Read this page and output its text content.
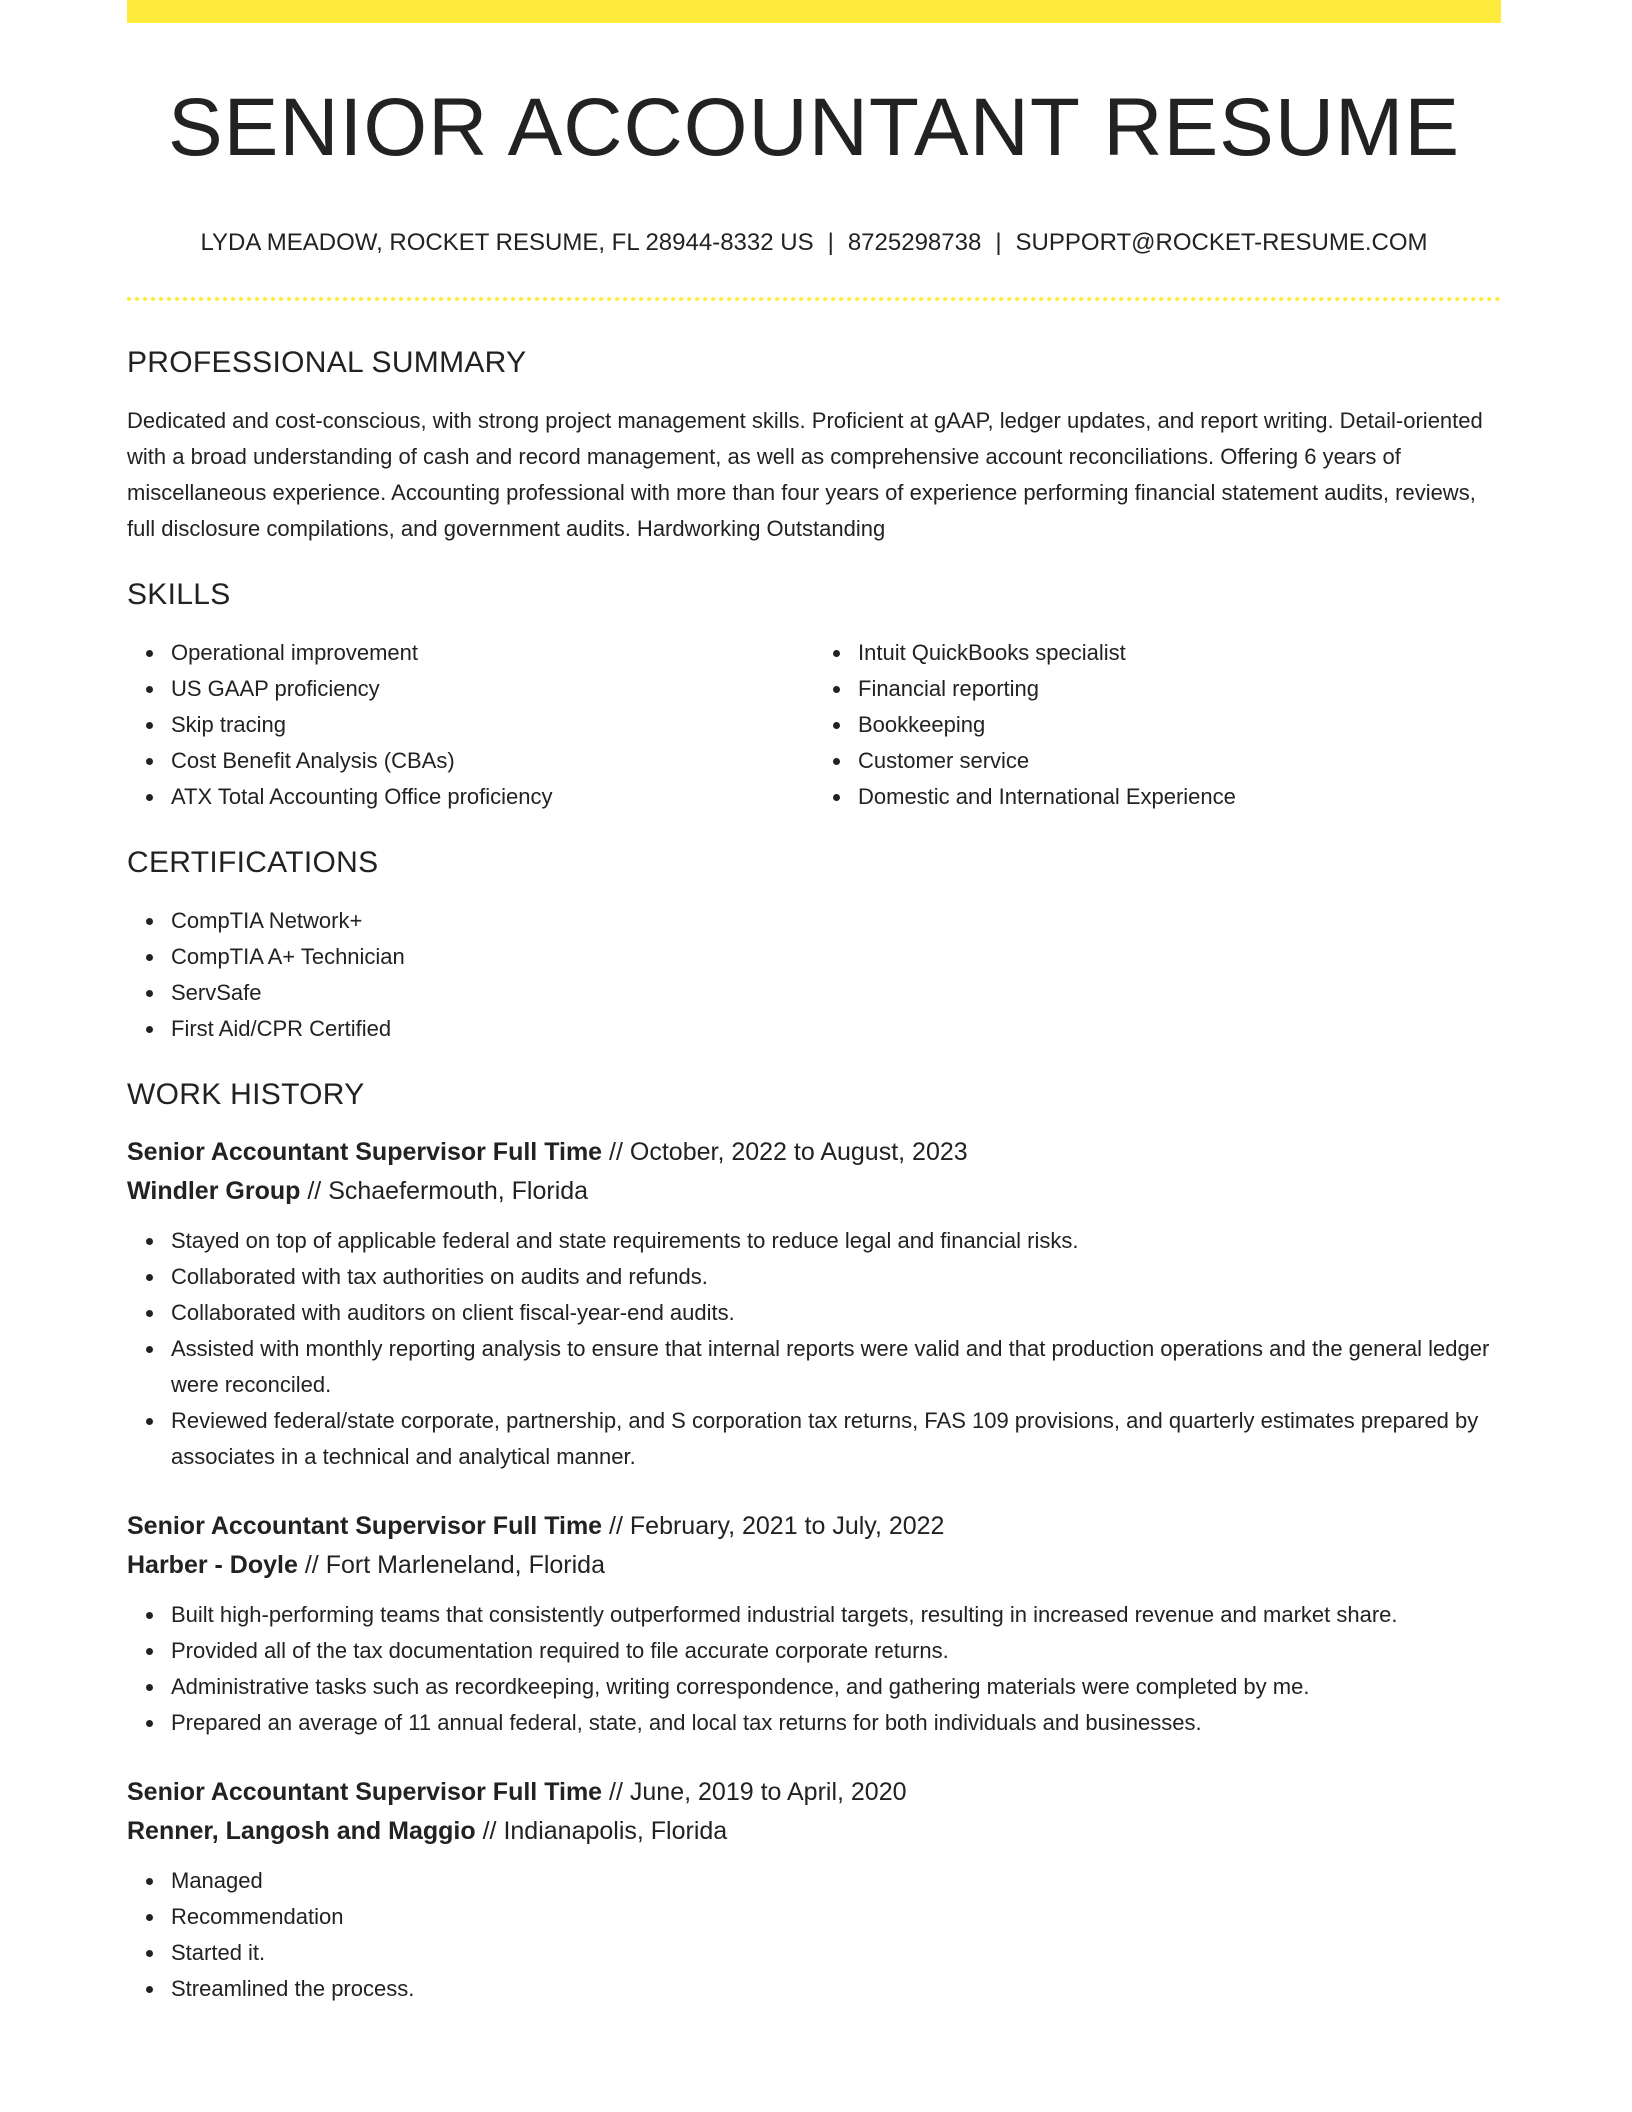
SENIOR ACCOUNTANT RESUME
LYDA MEADOW, ROCKET RESUME, FL 28944-8332 US | 8725298738 | SUPPORT@ROCKET-RESUME.COM
PROFESSIONAL SUMMARY

Dedicated and cost-conscious, with strong project management skills. Proficient at gAAP, ledger updates, and report writing. Detail-oriented with a broad understanding of cash and record management, as well as comprehensive account reconciliations. Offering 6 years of miscellaneous experience. Accounting professional with more than four years of experience performing financial statement audits, reviews, full disclosure compilations, and government audits. Hardworking Outstanding

SKILLS
Operational improvement
US GAAP proficiency
Skip tracing
Cost Benefit Analysis (CBAs)
ATX Total Accounting Office proficiency
Intuit QuickBooks specialist
Financial reporting
Bookkeeping
Customer service
Domestic and International Experience
CERTIFICATIONS
CompTIA Network+
CompTIA A+ Technician
ServSafe
First Aid/CPR Certified
WORK HISTORY
Senior Accountant Supervisor Full Time // October, 2022 to August, 2023
Windler Group // Schaefermouth, Florida
Stayed on top of applicable federal and state requirements to reduce legal and financial risks.
Collaborated with tax authorities on audits and refunds.
Collaborated with auditors on client fiscal-year-end audits.
Assisted with monthly reporting analysis to ensure that internal reports were valid and that production operations and the general ledger were reconciled.
Reviewed federal/state corporate, partnership, and S corporation tax returns, FAS 109 provisions, and quarterly estimates prepared by associates in a technical and analytical manner.
Senior Accountant Supervisor Full Time // February, 2021 to July, 2022
Harber - Doyle // Fort Marleneland, Florida
Built high-performing teams that consistently outperformed industrial targets, resulting in increased revenue and market share.
Provided all of the tax documentation required to file accurate corporate returns.
Administrative tasks such as recordkeeping, writing correspondence, and gathering materials were completed by me.
Prepared an average of 11 annual federal, state, and local tax returns for both individuals and businesses.
Senior Accountant Supervisor Full Time // June, 2019 to April, 2020
Renner, Langosh and Maggio // Indianapolis, Florida
Managed
Recommendation
Started it.
Streamlined the process.
